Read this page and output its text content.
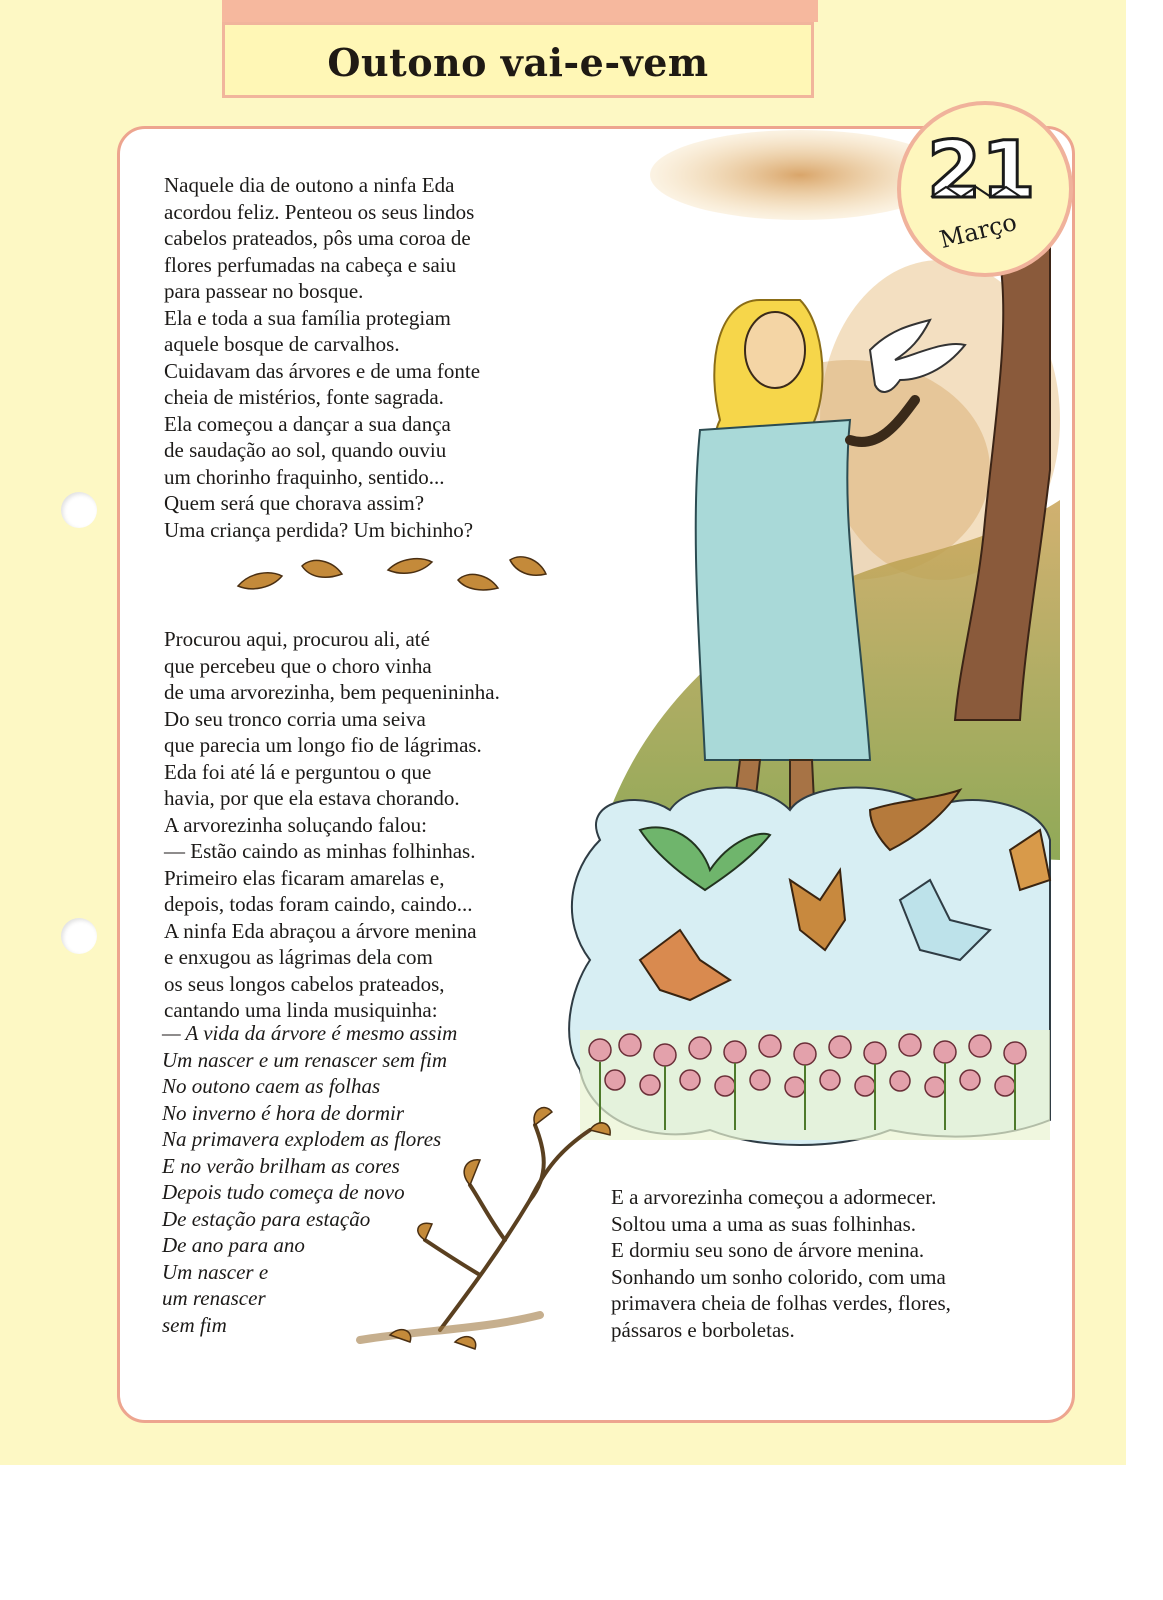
Outono vai-e-vem
21
Março
Naquele dia de outono a ninfa Eda
acordou feliz. Penteou os seus lindos
cabelos prateados, pôs uma coroa de
flores perfumadas na cabeça e saiu
para passear no bosque.
Ela e toda a sua família protegiam
aquele bosque de carvalhos.
Cuidavam das árvores e de uma fonte
cheia de mistérios, fonte sagrada.
Ela começou a dançar a sua dança
de saudação ao sol, quando ouviu
um chorinho fraquinho, sentido...
Quem será que chorava assim?
Uma criança perdida? Um bichinho?
Procurou aqui, procurou ali, até
que percebeu que o choro vinha
de uma arvorezinha, bem pequenininha.
Do seu tronco corria uma seiva
que parecia um longo fio de lágrimas.
Eda foi até lá e perguntou o que
havia, por que ela estava chorando.
A arvorezinha soluçando falou:
— Estão caindo as minhas folhinhas.
Primeiro elas ficaram amarelas e,
depois, todas foram caindo, caindo...
A ninfa Eda abraçou a árvore menina
e enxugou as lágrimas dela com
os seus longos cabelos prateados,
cantando uma linda musiquinha:
— A vida da árvore é mesmo assim
Um nascer e um renascer sem fim
No outono caem as folhas
No inverno é hora de dormir
Na primavera explodem as flores
E no verão brilham as cores
Depois tudo começa de novo
De estação para estação
De ano para ano
Um nascer e
um renascer
sem fim
E a arvorezinha começou a adormecer.
Soltou uma a uma as suas folhinhas.
E dormiu seu sono de árvore menina.
Sonhando um sonho colorido, com uma
primavera cheia de folhas verdes, flores,
pássaros e borboletas.
